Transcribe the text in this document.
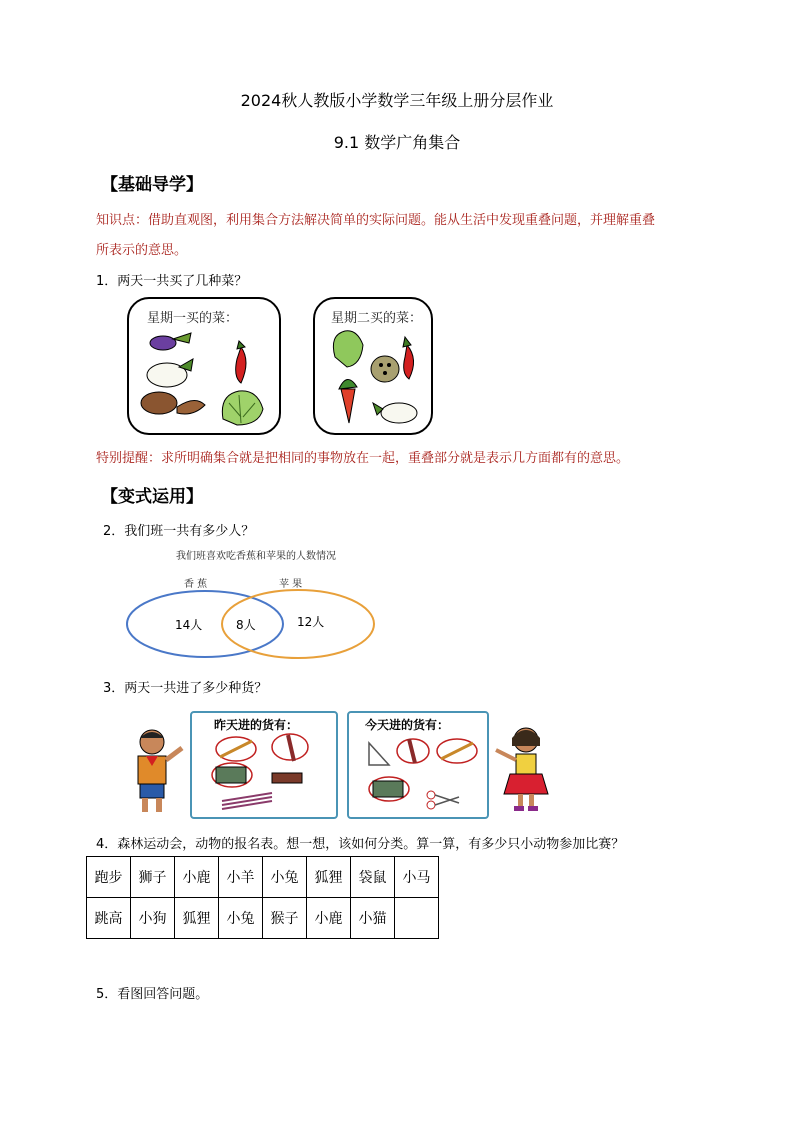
2024秋人教版小学数学三年级上册分层作业
9.1 数学广角集合
【基础导学】
知识点：借助直观图，利用集合方法解决简单的实际问题。能从生活中发现重叠问题，并理解重叠
所表示的意思。
1．两天一共买了几种菜？
星期一买的菜：	星期二买的菜：
特别提醒：求所明确集合就是把相同的事物放在一起，重叠部分就是表示几方面都有的意思。
【变式运用】
2．我们班一共有多少人？
我们班喜欢吃香蕉和苹果的人数情况
香 蕉	苹 果
14人	8人	12人
3．两天一共进了多少种货？
昨天进的货有：	今天进的货有：
4．森林运动会，动物的报名表。想一想，该如何分类。算一算，有多少只小动物参加比赛？
跑步	狮子	小鹿	小羊	小兔	狐狸	袋鼠	小马
跳高	小狗	狐狸	小兔	猴子	小鹿	小猫	
5．看图回答问题。
